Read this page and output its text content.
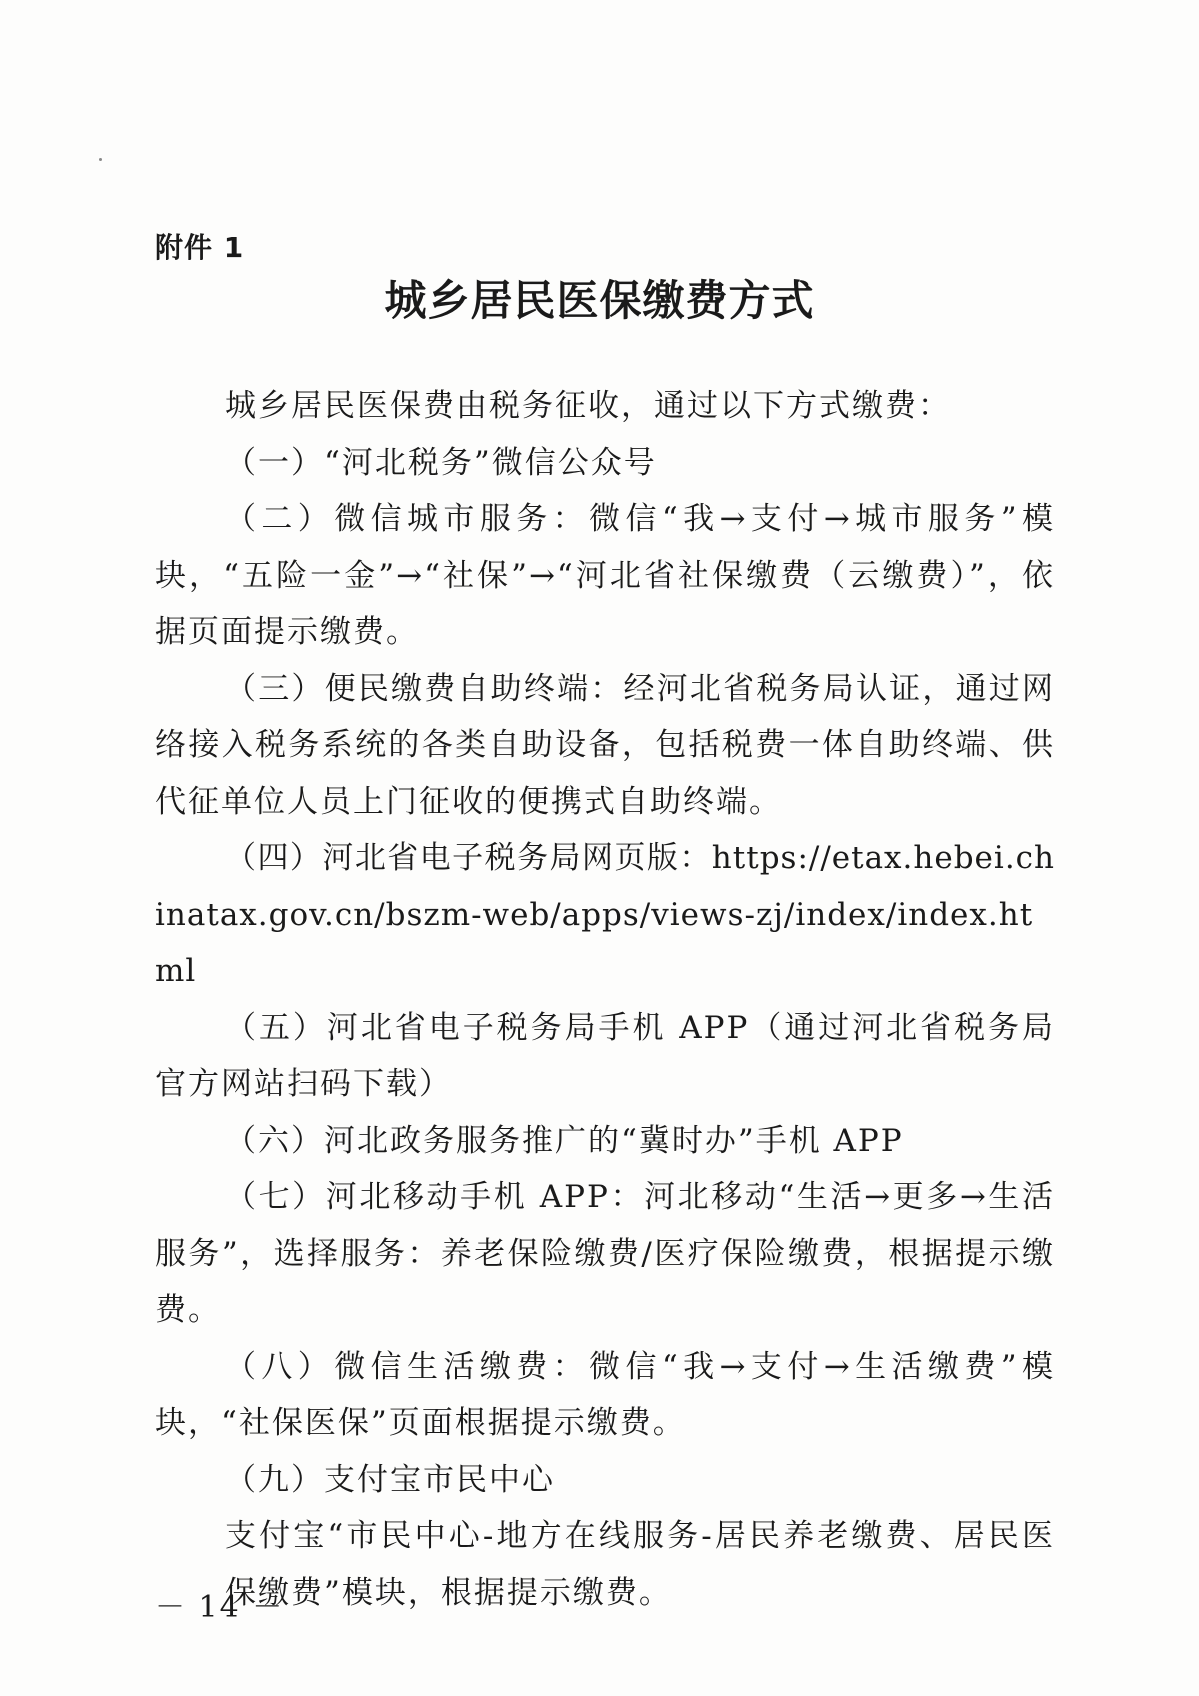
附件 1
城乡居民医保缴费方式

城乡居民医保费由税务征收，通过以下方式缴费：

（一）“河北税务”微信公众号

（二）微信城市服务：微信“我→支付→城市服务”模块，“五险一金”→“社保”→“河北省社保缴费（云缴费）”，依据页面提示缴费。

（三）便民缴费自助终端：经河北省税务局认证，通过网络接入税务系统的各类自助设备，包括税费一体自助终端、供代征单位人员上门征收的便携式自助终端。

（四）河北省电子税务局网页版：https://etax.hebei.chinatax.gov.cn/bszm-web/apps/views-zj/index/index.html

（五）河北省电子税务局手机 APP（通过河北省税务局官方网站扫码下载）

（六）河北政务服务推广的“冀时办”手机 APP

（七）河北移动手机 APP：河北移动“生活→更多→生活服务”，选择服务：养老保险缴费/医疗保险缴费，根据提示缴费。

（八）微信生活缴费：微信“我→支付→生活缴费”模块，“社保医保”页面根据提示缴费。

（九）支付宝市民中心

支付宝“市民中心-地方在线服务-居民养老缴费、居民医保缴费”模块，根据提示缴费。

－ 14 －
